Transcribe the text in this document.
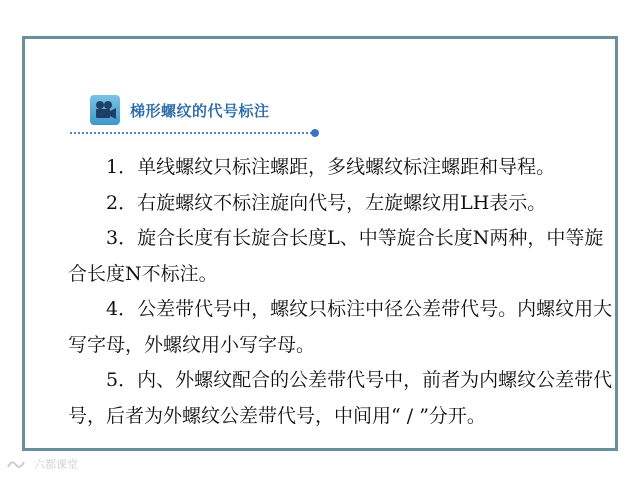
梯形螺纹的代号标注

1．单线螺纹只标注螺距，多线螺纹标注螺距和导程。

2．右旋螺纹不标注旋向代号，左旋螺纹用LH表示。

3．旋合长度有长旋合长度L、中等旋合长度N两种，中等旋合长度N不标注。

4．公差带代号中，螺纹只标注中径公差带代号。内螺纹用大写字母，外螺纹用小写字母。

5．内、外螺纹配合的公差带代号中，前者为内螺纹公差带代号，后者为外螺纹公差带代号，中间用“ / ”分开。

六都课堂
